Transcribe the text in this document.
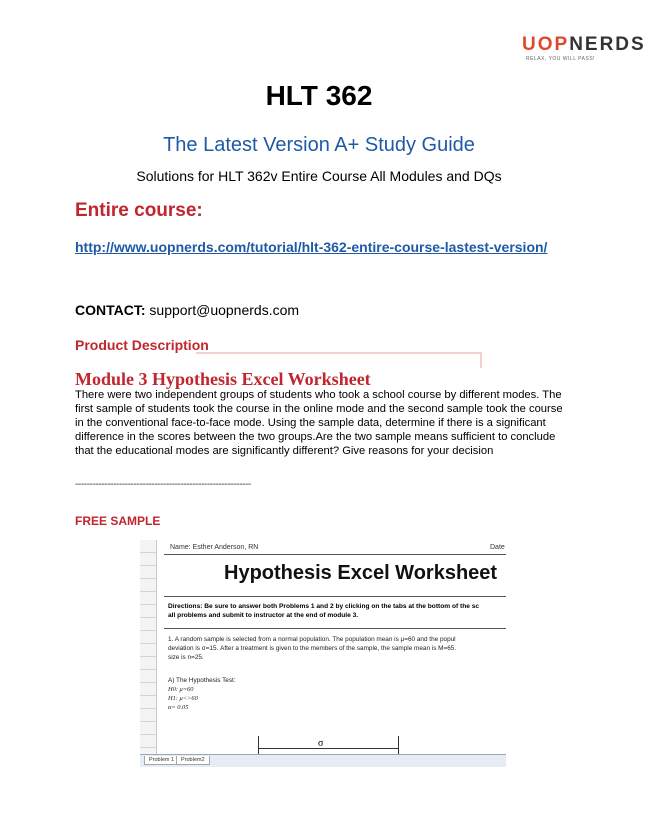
UOPNERDS
RELAX, YOU WILL PASS!
HLT 362
The Latest Version A+ Study Guide
Solutions for HLT 362v Entire Course All Modules and DQs
Entire course:
http://www.uopnerds.com/tutorial/hlt-362-entire-course-lastest-version/
CONTACT: support@uopnerds.com
Product Description
Module 3 Hypothesis Excel Worksheet
There were two independent groups of students who took a school course by different modes. The first sample of students took the course in the online mode and the second sample took the course in the conventional face-to-face mode. Using the sample data, determine if there is a significant difference in the scores between the two groups.Are the two sample means sufficient to conclude that the educational modes are significantly different? Give reasons for your decision
------------------------------------------------------------
FREE SAMPLE
Name: Esther Anderson, RN	Date
Hypothesis Excel Worksheet
Directions: Be sure to answer both Problems 1 and 2 by clicking on the tabs at the bottom of the sc
all problems and submit to instructor at the end of module 3.
1. A random sample is selected from a normal population. The population mean is μ=60 and the popul
deviation is σ=15. After a treatment is given to the members of the sample, the sample mean is M=65.
size is n=25.
A) The Hypothesis Test:
H0: μ=60
H1: μ<>60
α= 0.05
σ
Problem 1	Problem2
